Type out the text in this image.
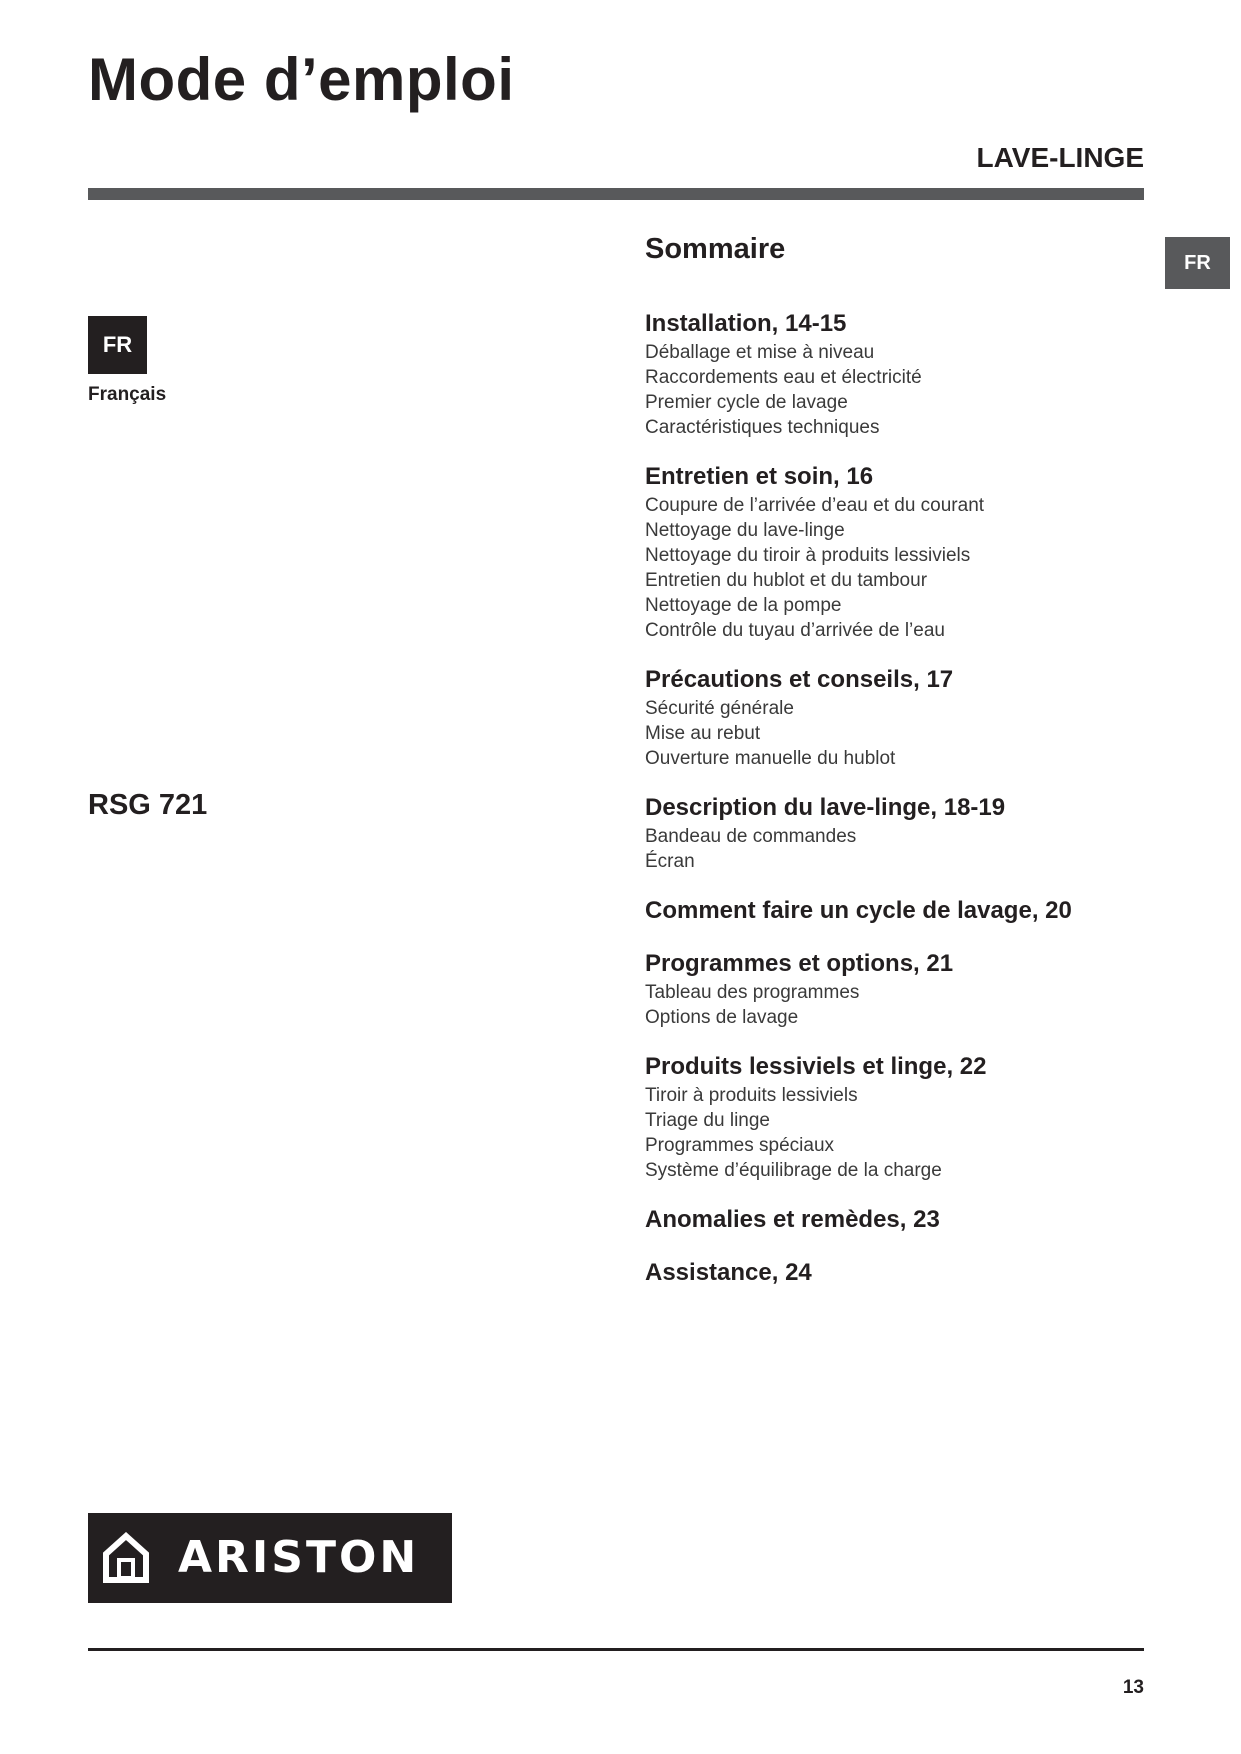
Mode d’emploi
LAVE-LINGE
FR
FR
Français
RSG 721
Sommaire
Installation, 14-15
Déballage et mise à niveau
Raccordements eau et électricité
Premier cycle de lavage
Caractéristiques techniques
Entretien et soin, 16
Coupure de l’arrivée d’eau et du courant
Nettoyage du lave-linge
Nettoyage du tiroir à produits lessiviels
Entretien du hublot et du tambour
Nettoyage de la pompe
Contrôle du tuyau d’arrivée de l’eau
Précautions et conseils, 17
Sécurité générale
Mise au rebut
Ouverture manuelle du hublot
Description du lave-linge, 18-19
Bandeau de commandes
Écran
Comment faire un cycle de lavage, 20
Programmes et options, 21
Tableau des programmes
Options de lavage
Produits lessiviels et linge, 22
Tiroir à produits lessiviels
Triage du linge
Programmes spéciaux
Système d’équilibrage de la charge
Anomalies et remèdes, 23
Assistance, 24
ARISTON
13
